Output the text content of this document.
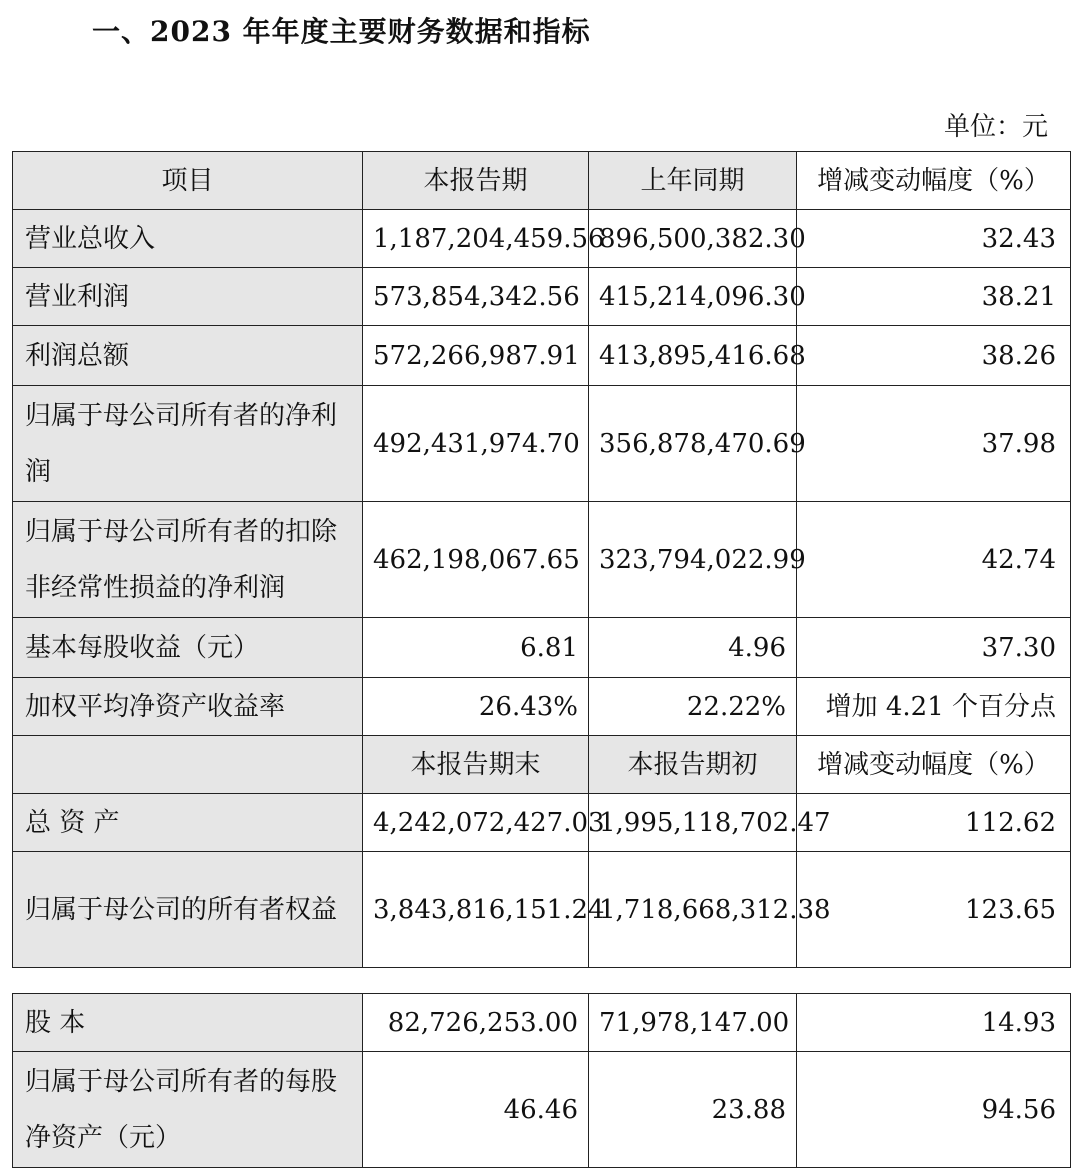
一、2023 年年度主要财务数据和指标
单位：元
项目	本报告期	上年同期	增减变动幅度（%）
营业总收入	1,187,204,459.56	896,500,382.30	32.43
营业利润	573,854,342.56	415,214,096.30	38.21
利润总额	572,266,987.91	413,895,416.68	38.26
归属于母公司所有者的净利润	492,431,974.70	356,878,470.69	37.98
归属于母公司所有者的扣除非经常性损益的净利润	462,198,067.65	323,794,022.99	42.74
基本每股收益（元）	6.81	4.96	37.30
加权平均净资产收益率	26.43%	22.22%	增加 4.21 个百分点
	本报告期末	本报告期初	增减变动幅度（%）
总 资 产	4,242,072,427.03	1,995,118,702.47	112.62
归属于母公司的所有者权益	3,843,816,151.24	1,718,668,312.38	123.65
股 本	82,726,253.00	71,978,147.00	14.93
归属于母公司所有者的每股净资产（元）	46.46	23.88	94.56
